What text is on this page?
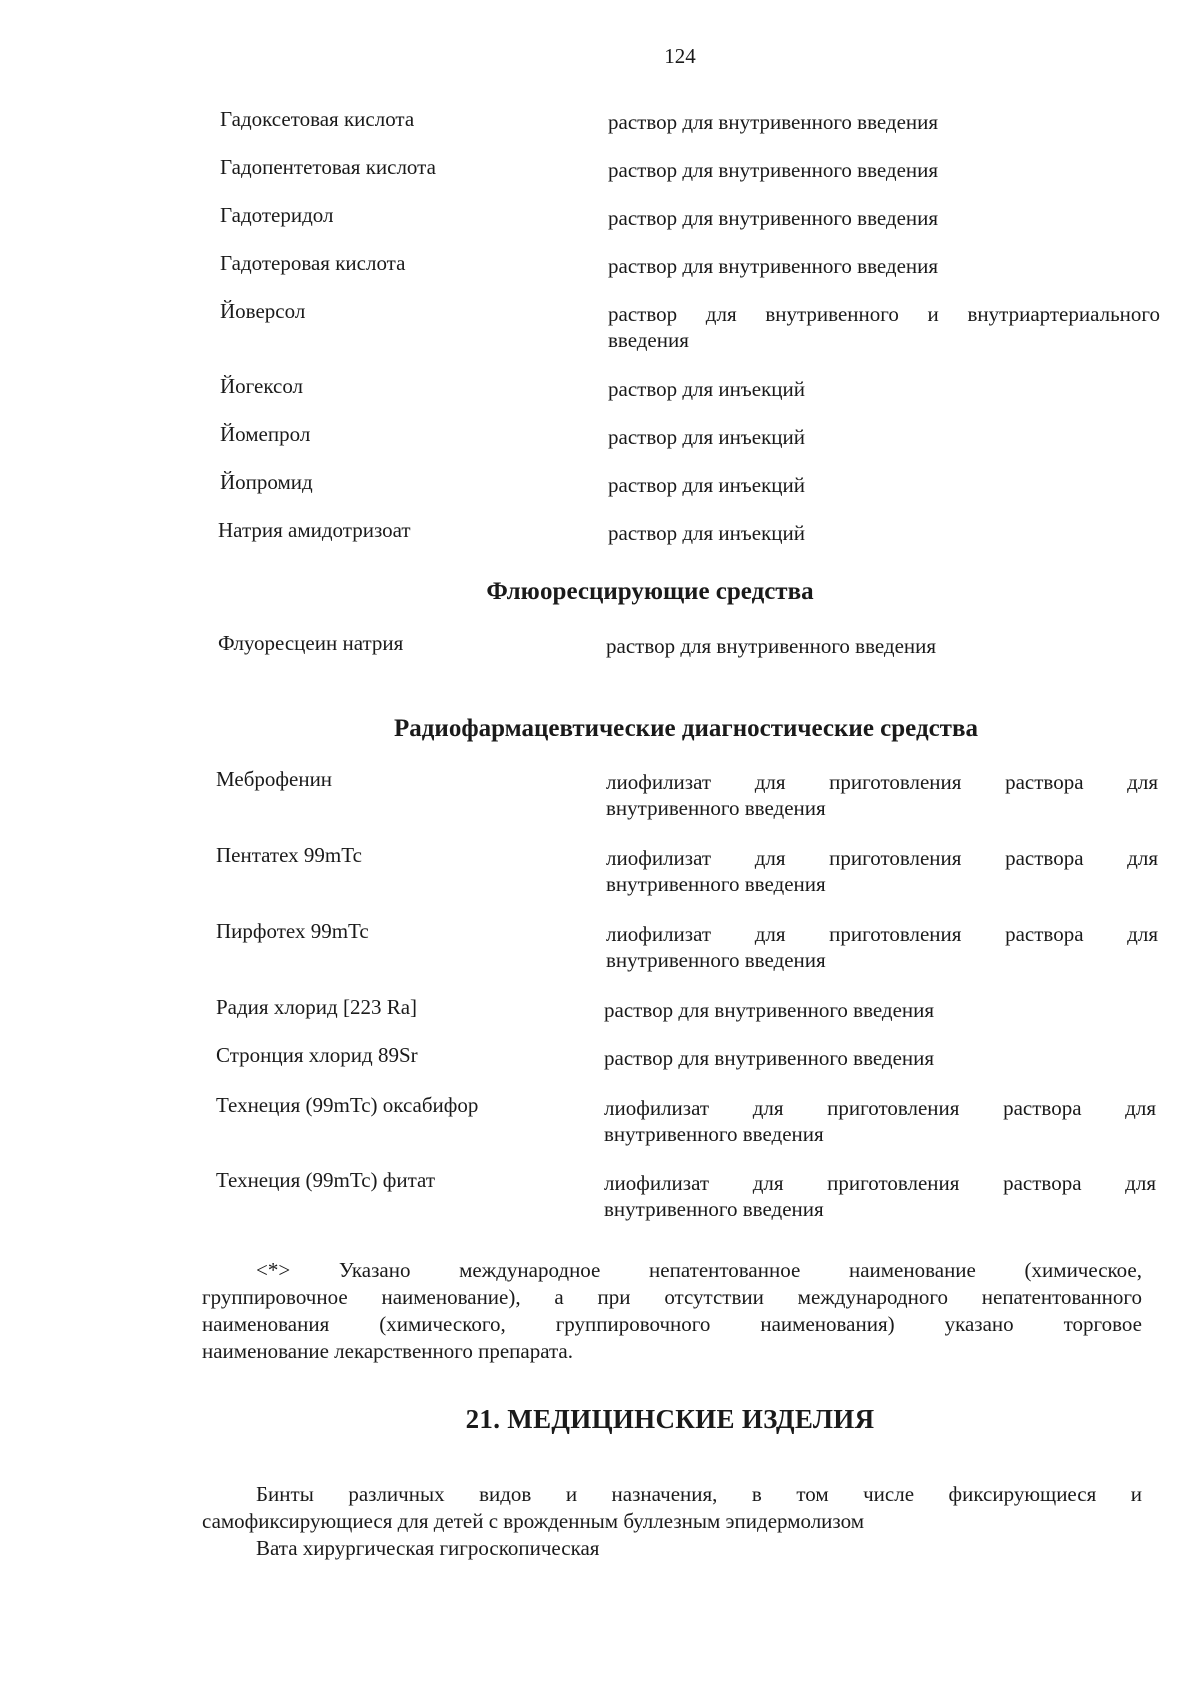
124
Гадоксетовая кислота	раствор для внутривенного введения
Гадопентетовая кислота	раствор для внутривенного введения
Гадотеридол	раствор для внутривенного введения
Гадотеровая кислота	раствор для внутривенного введения
Йоверсол	раствор для внутривенного и внутриартериального
введения
Йогексол	раствор для инъекций
Йомепрол	раствор для инъекций
Йопромид	раствор для инъекций
Натрия амидотризоат	раствор для инъекций
Флюоресцирующие средства
Флуоресцеин натрия	раствор для внутривенного введения
Радиофармацевтические диагностические средства
Меброфенин	лиофилизат для приготовления раствора для
внутривенного введения
Пентатех 99mTc	лиофилизат для приготовления раствора для
внутривенного введения
Пирфотех 99mTc	лиофилизат для приготовления раствора для
внутривенного введения
Радия хлорид [223 Ra]	раствор для внутривенного введения
Стронция хлорид 89Sr	раствор для внутривенного введения
Технеция (99mTc) оксабифор	лиофилизат для приготовления раствора для
внутривенного введения
Технеция (99mTc) фитат	лиофилизат для приготовления раствора для
внутривенного введения
<*> Указано международное непатентованное наименование (химическое,
группировочное наименование), а при отсутствии международного непатентованного
наименования (химического, группировочного наименования) указано торговое
наименование лекарственного препарата.
21. МЕДИЦИНСКИЕ ИЗДЕЛИЯ
Бинты различных видов и назначения, в том числе фиксирующиеся и
самофиксирующиеся для детей с врожденным буллезным эпидермолизом
Вата хирургическая гигроскопическая
